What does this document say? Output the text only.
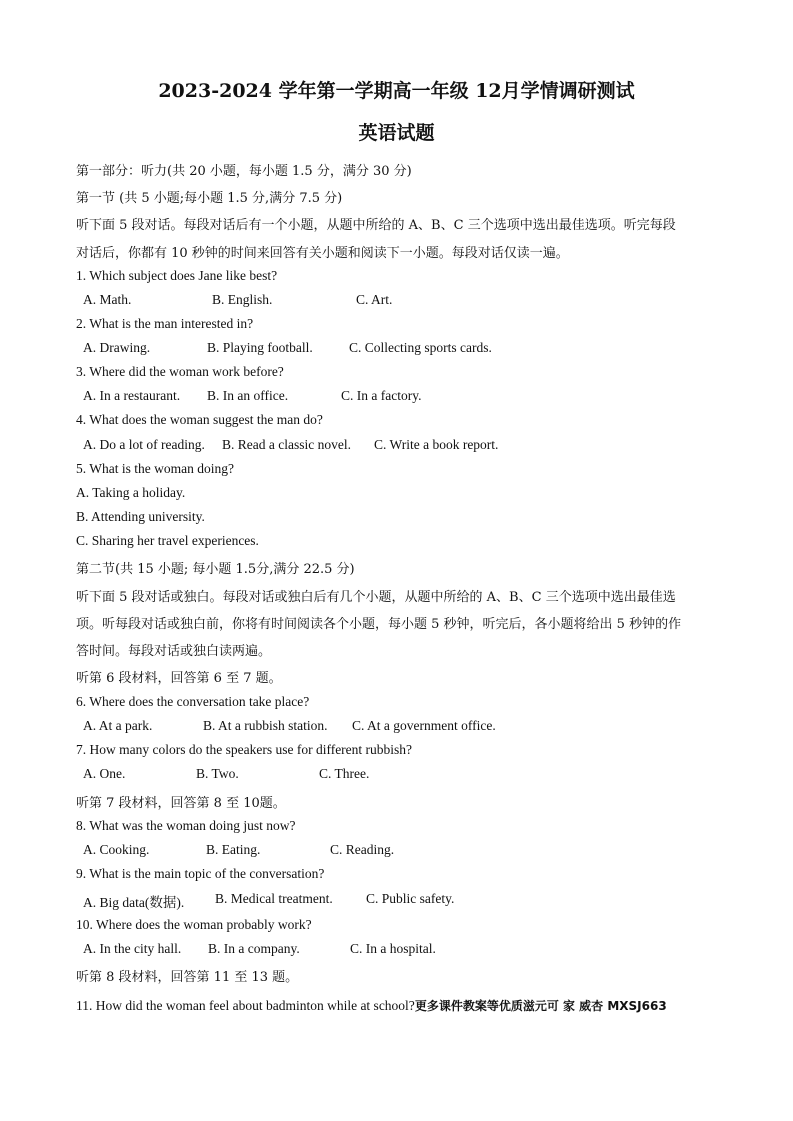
2023-2024 学年第一学期高一年级 12月学情调研测试
英语试题
第一部分：听力(共 20 小题，每小题 1.5 分，满分 30 分)
第一节 (共 5 小题;每小题 1.5 分,满分 7.5 分)
听下面 5 段对话。每段对话后有一个小题，从题中所给的 A、B、C 三个选项中选出最佳选项。听完每段
对话后，你都有 10 秒钟的时间来回答有关小题和阅读下一小题。每段对话仅读一遍。
1. Which subject does Jane like best?
A. Math.	B. English.	C. Art.
2. What is the man interested in?
A. Drawing.	B. Playing football.	C. Collecting sports cards.
3. Where did the woman work before?
A. In a restaurant. B. In an office.	C. In a factory.
4. What does the woman suggest the man do?
A. Do a lot of reading. B. Read a classic novel. C. Write a book report.
5. What is the woman doing?
A. Taking a holiday.
B. Attending university.
C. Sharing her travel experiences.
第二节(共 15 小题; 每小题 1.5分,满分 22.5 分)
听下面 5 段对话或独白。每段对话或独白后有几个小题，从题中所给的 A、B、C 三个选项中选出最佳选
项。听每段对话或独白前，你将有时间阅读各个小题，每小题 5 秒钟，听完后，各小题将给出 5 秒钟的作
答时间。每段对话或独白读两遍。
听第 6 段材料，回答第 6 至 7 题。
6. Where does the conversation take place?
A. At a park.	B. At a rubbish station. C. At a government office.
7. How many colors do the speakers use for different rubbish?
A. One.	B. Two.	C. Three.
听第 7 段材料，回答第 8 至 10题。
8. What was the woman doing just now?
A. Cooking.	B. Eating.	C. Reading.
9. What is the main topic of the conversation?
A. Big data(数据). B. Medical treatment. C. Public safety.
10. Where does the woman probably work?
A. In the city hall. B. In a company.	C. In a hospital.
听第 8 段材料，回答第 11 至 13 题。
11. How did the woman feel about badminton while at school?更多课件教案等优质滋元可 家 威杏 MXSJ663
